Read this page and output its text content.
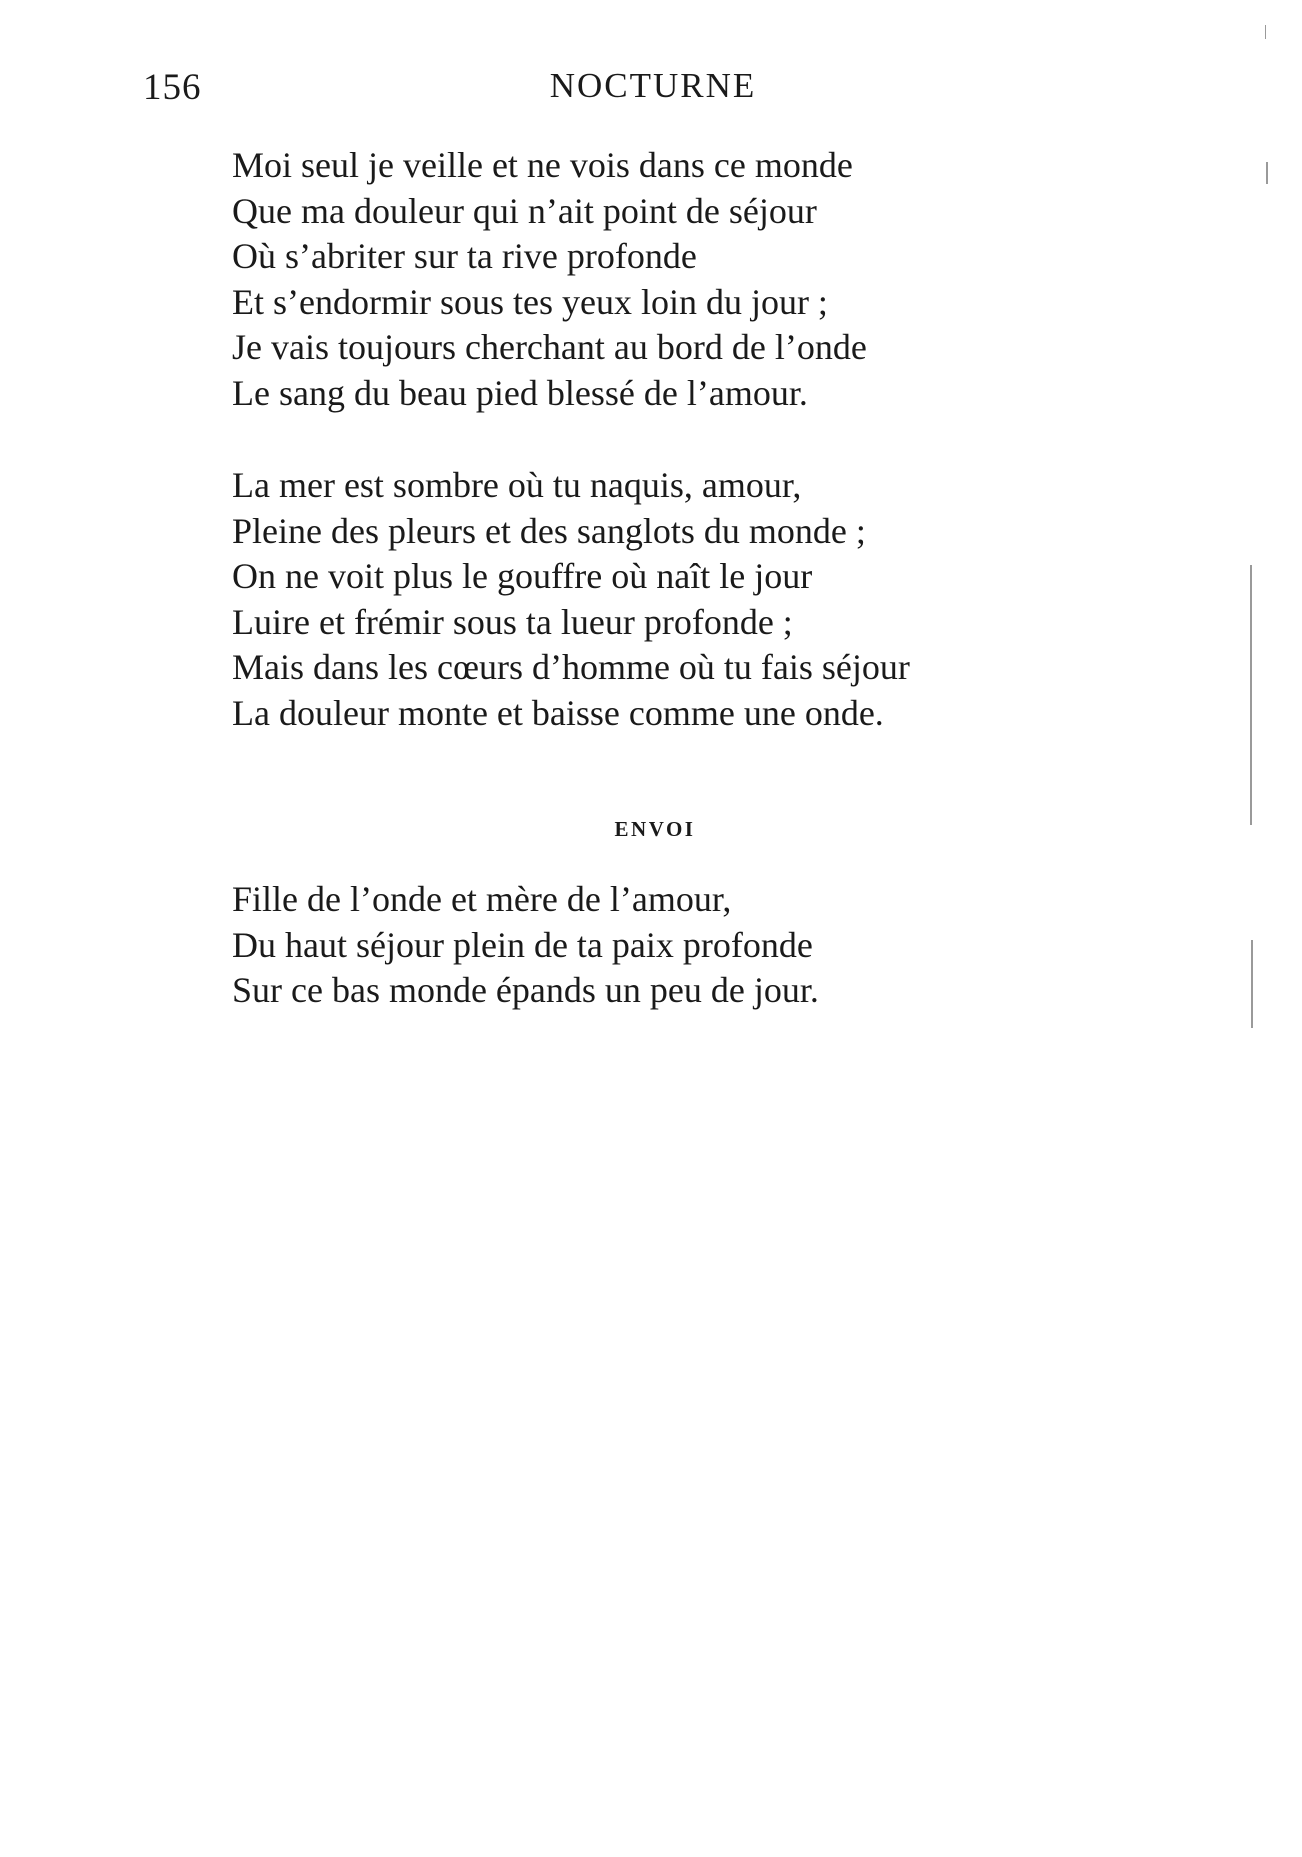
156	NOCTURNE
Moi seul je veille et ne vois dans ce monde
Que ma douleur qui n’ait point de séjour
Où s’abriter sur ta rive profonde
Et s’endormir sous tes yeux loin du jour ;
Je vais toujours cherchant au bord de l’onde
Le sang du beau pied blessé de l’amour.
La mer est sombre où tu naquis, amour,
Pleine des pleurs et des sanglots du monde ;
On ne voit plus le gouffre où naît le jour
Luire et frémir sous ta lueur profonde ;
Mais dans les cœurs d’homme où tu fais séjour
La douleur monte et baisse comme une onde.
ENVOI
Fille de l’onde et mère de l’amour,
Du haut séjour plein de ta paix profonde
Sur ce bas monde épands un peu de jour.
